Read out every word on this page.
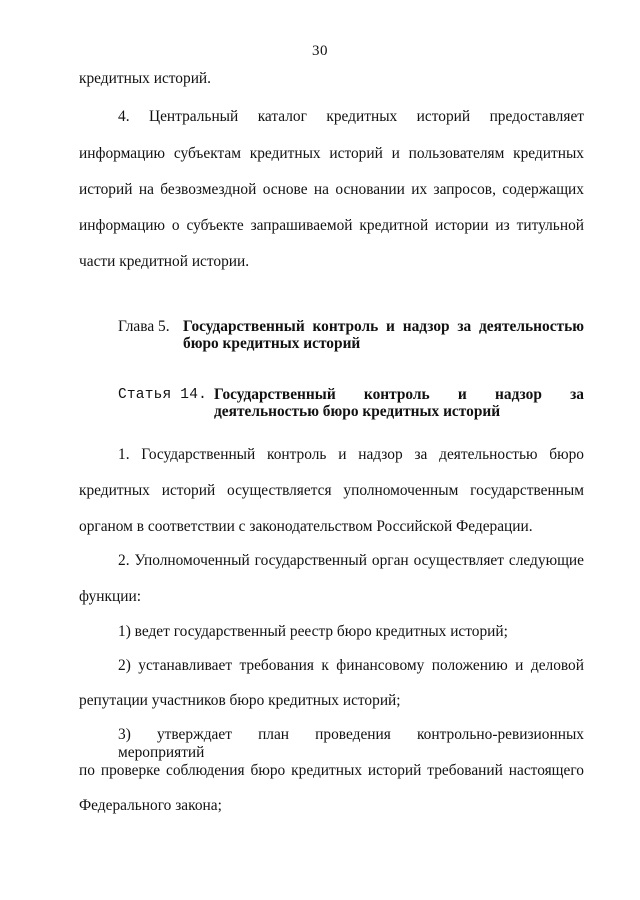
30
кредитных историй.
4. Центральный каталог кредитных историй предоставляет
информацию субъектам кредитных историй и пользователям кредитных
историй на безвозмездной основе на основании их запросов, содержащих
информацию о субъекте запрашиваемой кредитной истории из титульной
части кредитной истории.
Глава 5. Государственный контроль и надзор за деятельностью
бюро кредитных историй
Статья 14. Государственный контроль и надзор за
деятельностью бюро кредитных историй
1. Государственный контроль и надзор за деятельностью бюро
кредитных историй осуществляется уполномоченным государственным
органом в соответствии с законодательством Российской Федерации.
2. Уполномоченный государственный орган осуществляет следующие
функции:
1) ведет государственный реестр бюро кредитных историй;
2) устанавливает требования к финансовому положению и деловой
репутации участников бюро кредитных историй;
3) утверждает план проведения контрольно-ревизионных мероприятий
по проверке соблюдения бюро кредитных историй требований настоящего
Федерального закона;
